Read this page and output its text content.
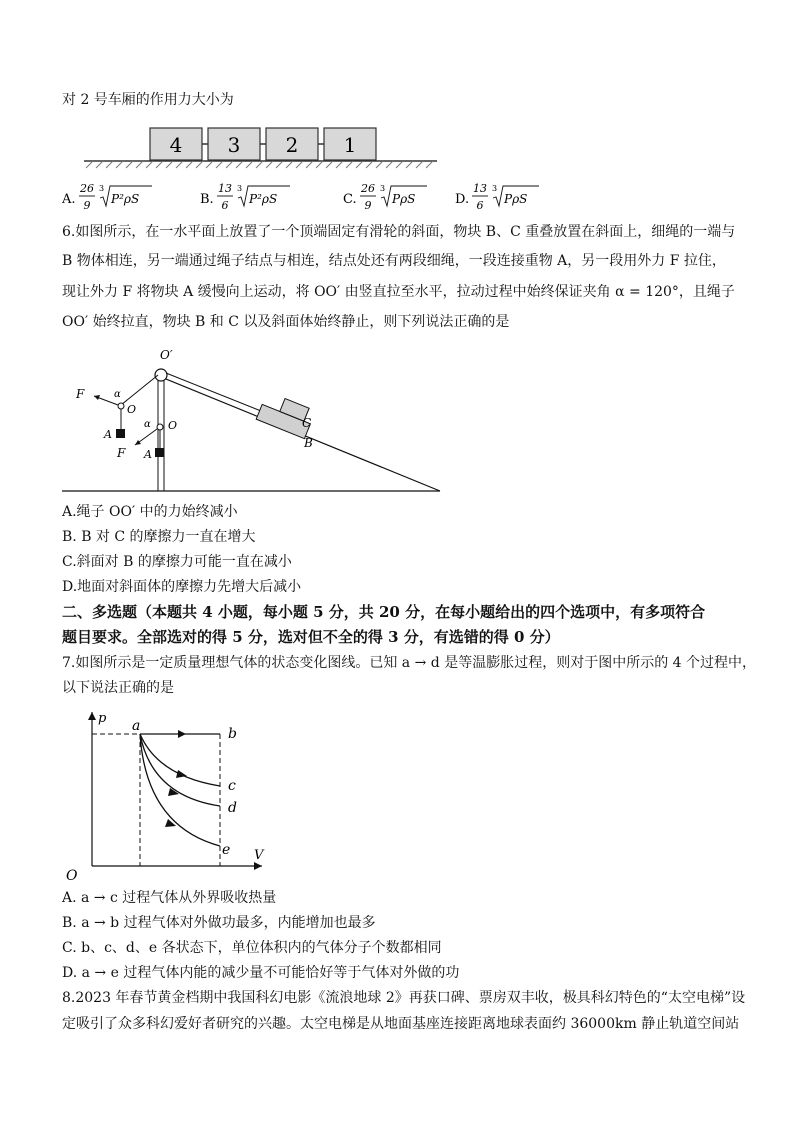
对 2 号车厢的作用力大小为
4 3 2 1
A.
26
9
3
P²ρS	B.
13
6
3
P²ρS	C.
26
9
3
PρS	D.
13
6
3
PρS
6.如图所示，在一水平面上放置了一个顶端固定有滑轮的斜面，物块 B、C 重叠放置在斜面上，细绳的一端与
B 物体相连，另一端通过绳子结点与相连，结点处还有两段细绳，一段连接重物 A，另一段用外力 F 拉住，
现让外力 F 将物块 A 缓慢向上运动，将 OO′ 由竖直拉至水平，拉动过程中始终保证夹角 α = 120°，且绳子
OO′ 始终拉直，物块 B 和 C 以及斜面体始终静止，则下列说法正确的是
C
B
O′
F	α
O
A
F
α O
A
A.绳子 OO′ 中的力始终减小
B. B 对 C 的摩擦力一直在增大
C.斜面对 B 的摩擦力可能一直在减小
D.地面对斜面体的摩擦力先增大后减小
二、多选题（本题共 4 小题，每小题 5 分，共 20 分，在每小题给出的四个选项中，有多项符合
题目要求。全部选对的得 5 分，选对但不全的得 3 分，有选错的得 0 分）
7.如图所示是一定质量理想气体的状态变化图线。已知 a → d 是等温膨胀过程，则对于图中所示的 4 个过程中，
以下说法正确的是
p
V
O
a	b
c
d
e
A. a → c 过程气体从外界吸收热量
B. a → b 过程气体对外做功最多，内能增加也最多
C. b、c、d、e 各状态下，单位体积内的气体分子个数都相同
D. a → e 过程气体内能的减少量不可能恰好等于气体对外做的功
8.2023 年春节黄金档期中我国科幻电影《流浪地球 2》再获口碑、票房双丰收，极具科幻特色的“太空电梯”设
定吸引了众多科幻爱好者研究的兴趣。太空电梯是从地面基座连接距离地球表面约 36000km 静止轨道空间站
